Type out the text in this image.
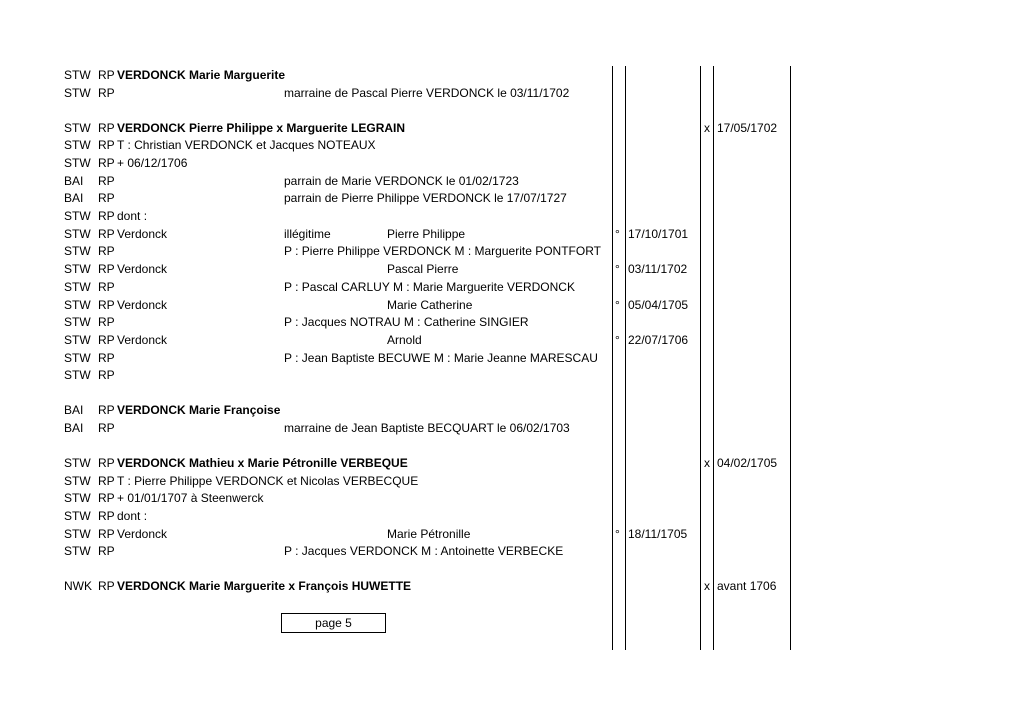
STW RP VERDONCK Marie Marguerite
STW RP	marraine de Pascal Pierre VERDONCK le 03/11/1702
STW RP VERDONCK Pierre Philippe x Marguerite LEGRAIN	x 17/05/1702
STW RP T : Christian VERDONCK et Jacques NOTEAUX
STW RP + 06/12/1706
BAI RP	parrain de Marie VERDONCK le 01/02/1723
BAI RP	parrain de Pierre Philippe VERDONCK le 17/07/1727
STW RP dont :
STW RP Verdonck	illégitime	Pierre Philippe	° 17/10/1701
STW RP	P : Pierre Philippe VERDONCK M : Marguerite PONTFORT
STW RP Verdonck	Pascal Pierre	° 03/11/1702
STW RP	P : Pascal CARLUY M : Marie Marguerite VERDONCK
STW RP Verdonck	Marie Catherine	° 05/04/1705
STW RP	P : Jacques NOTRAU M : Catherine SINGIER
STW RP Verdonck	Arnold	° 22/07/1706
STW RP	P : Jean Baptiste BECUWE M : Marie Jeanne MARESCAU
STW RP
BAI RP VERDONCK Marie Françoise
BAI RP	marraine de Jean Baptiste BECQUART le 06/02/1703
STW RP VERDONCK Mathieu x Marie Pétronille VERBEQUE	x 04/02/1705
STW RP T : Pierre Philippe VERDONCK et Nicolas VERBECQUE
STW RP + 01/01/1707 à Steenwerck
STW RP dont :
STW RP Verdonck	Marie Pétronille	° 18/11/1705
STW RP	P : Jacques VERDONCK M : Antoinette VERBECKE
NWK RP VERDONCK Marie Marguerite x François HUWETTE	x avant 1706
page 5
